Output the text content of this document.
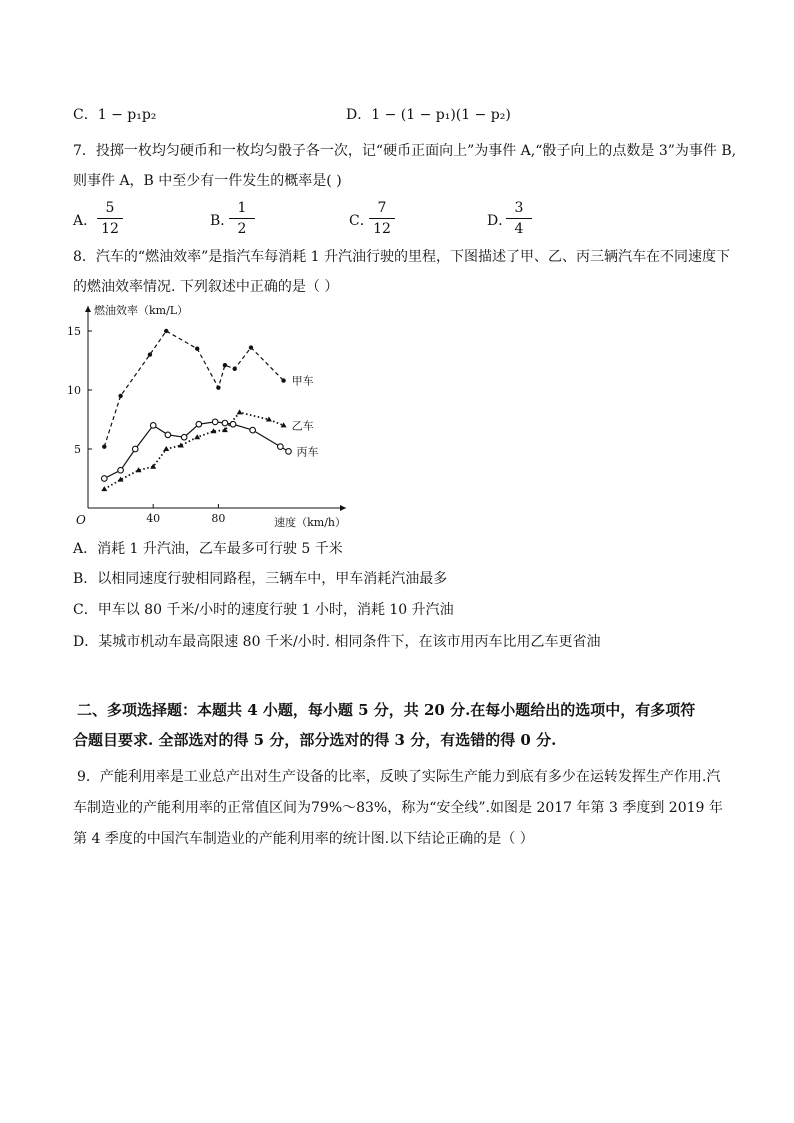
C．1 − p₁p₂	D．1 − (1 − p₁)(1 − p₂)
7．投掷一枚均匀硬币和一枚均匀骰子各一次，记“硬币正面向上”为事件 A,“骰子向上的点数是 3”为事件 B,
则事件 A，B 中至少有一件发生的概率是( )
A． $\frac{5}{12}$	B．
$\frac{1}{2}$	C．
$\frac{7}{12}$	D．
$\frac{3}{4}$
8．汽车的“燃油效率”是指汽车每消耗 1 升汽油行驶的里程，下图描述了甲、乙、丙三辆汽车在不同速度下
的燃油效率情况. 下列叙述中正确的是（ ）
O
5
10
15
40	80
燃油效率（km/L）
速度（km/h）
甲车
乙车
丙车
A．消耗 1 升汽油，乙车最多可行驶 5 千米
B．以相同速度行驶相同路程，三辆车中，甲车消耗汽油最多
C．甲车以 80 千米/小时的速度行驶 1 小时，消耗 10 升汽油
D．某城市机动车最高限速 80 千米/小时. 相同条件下，在该市用丙车比用乙车更省油
二、多项选择题：本题共 4 小题，每小题 5 分，共 20 分.在每小题给出的选项中，有多项符
合题目要求. 全部选对的得 5 分，部分选对的得 3 分，有选错的得 0 分.
9．产能利用率是工业总产出对生产设备的比率，反映了实际生产能力到底有多少在运转发挥生产作用.汽
车制造业的产能利用率的正常值区间为79%～83%，称为“安全线”.如图是 2017 年第 3 季度到 2019 年
第 4 季度的中国汽车制造业的产能利用率的统计图.以下结论正确的是（ ）
